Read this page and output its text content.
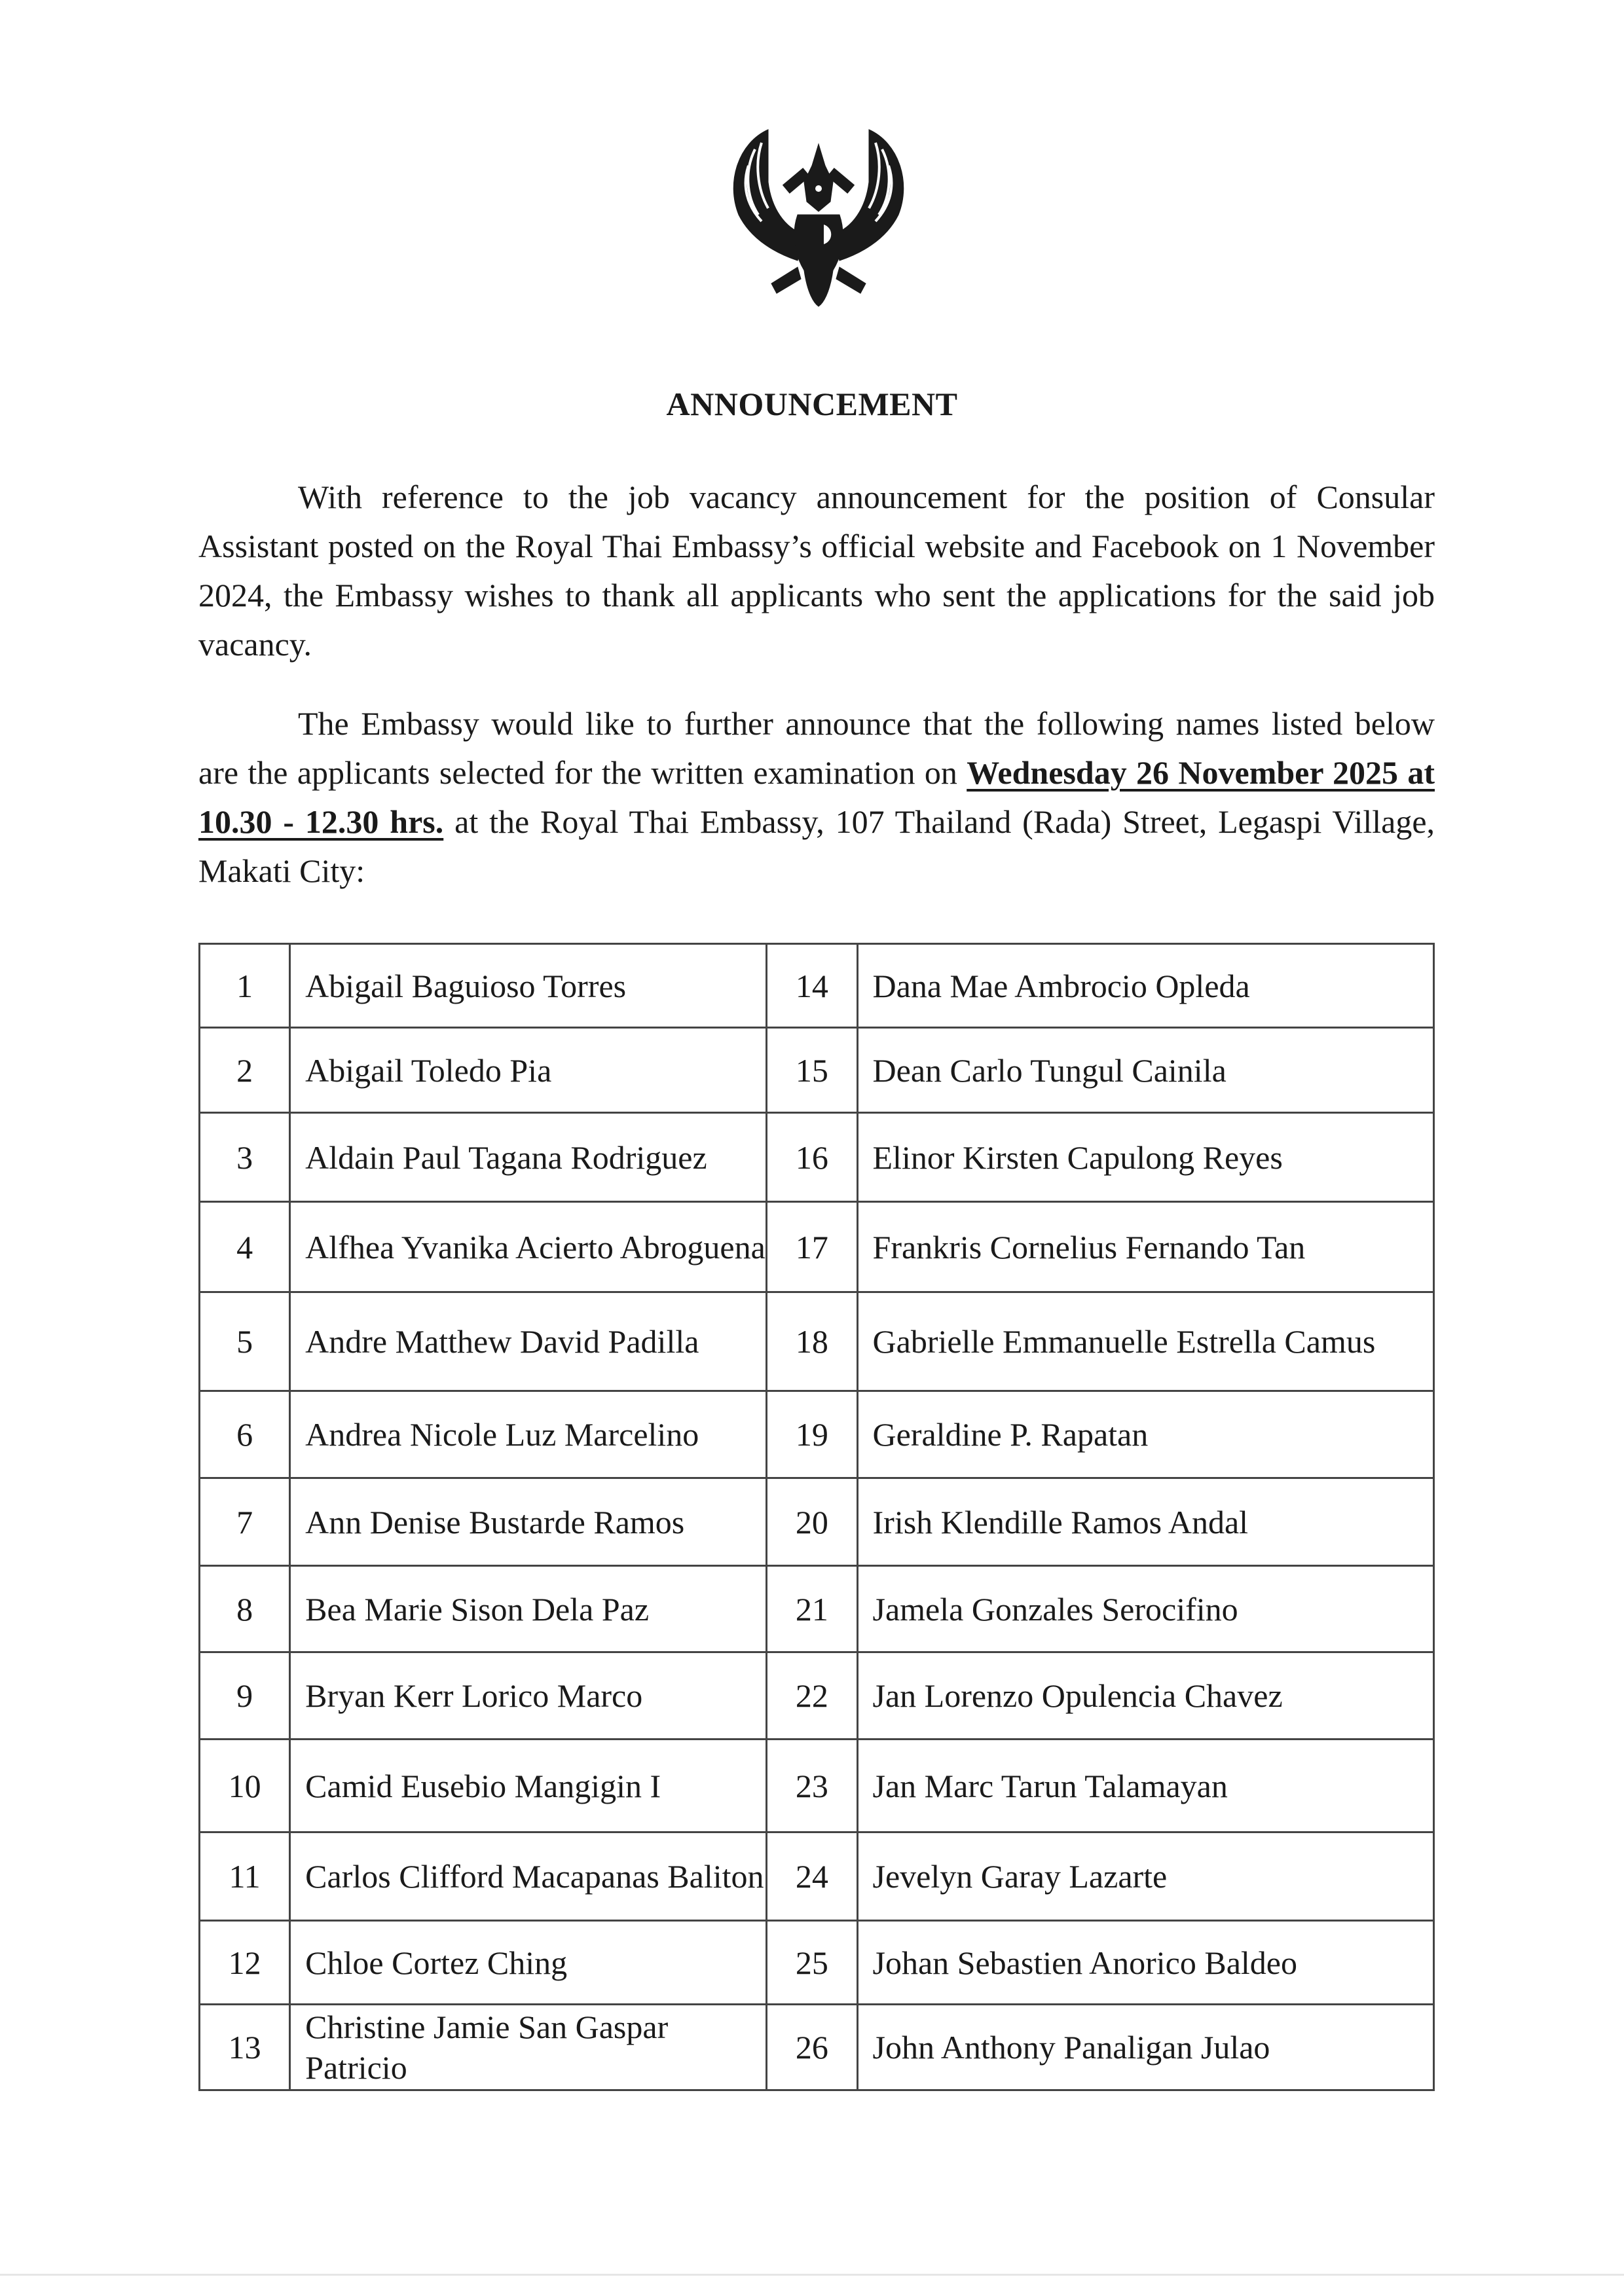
ANNOUNCEMENT
With reference to the job vacancy announcement for the position of Consular Assistant posted on the Royal Thai Embassy’s official website and Facebook on 1 November 2024, the Embassy wishes to thank all applicants who sent the applications for the said job vacancy.
The Embassy would like to further announce that the following names listed below are the applicants selected for the written examination on Wednesday 26 November 2025 at 10.30 - 12.30 hrs. at the Royal Thai Embassy, 107 Thailand (Rada) Street, Legaspi Village, Makati City:
1	Abigail Baguioso Torres	14	Dana Mae Ambrocio Opleda
2	Abigail Toledo Pia	15	Dean Carlo Tungul Cainila
3	Aldain Paul Tagana Rodriguez	16	Elinor Kirsten Capulong Reyes
4	Alfhea Yvanika Acierto Abroguena	17	Frankris Cornelius Fernando Tan
5	Andre Matthew David Padilla	18	Gabrielle Emmanuelle Estrella Camus
6	Andrea Nicole Luz Marcelino	19	Geraldine P. Rapatan
7	Ann Denise Bustarde Ramos	20	Irish Klendille Ramos Andal
8	Bea Marie Sison Dela Paz	21	Jamela Gonzales Serocifino
9	Bryan Kerr Lorico Marco	22	Jan Lorenzo Opulencia Chavez
10	Camid Eusebio Mangigin I	23	Jan Marc Tarun Talamayan
11	Carlos Clifford Macapanas Baliton	24	Jevelyn Garay Lazarte
12	Chloe Cortez Ching	25	Johan Sebastien Anorico Baldeo
13	Christine Jamie San Gaspar Patricio	26	John Anthony Panaligan Julao
